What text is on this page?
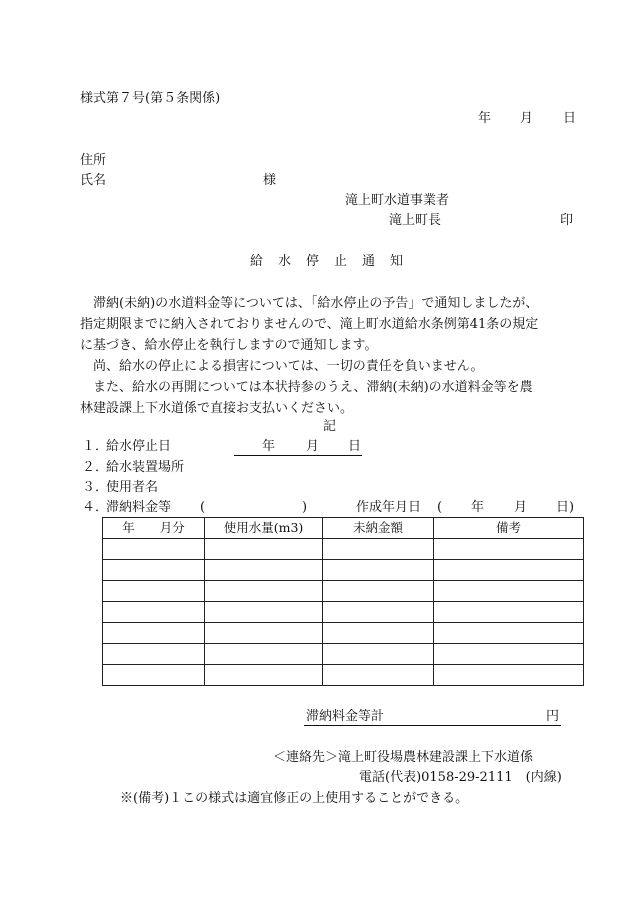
様式第７号(第５条関係)
年 月 日
住所
氏名	様
滝上町水道事業者
滝上町長	印
給水停止通知
滞納(未納)の水道料金等については、「給水停止の予告」で通知しましたが、
指定期限までに納入されておりませんので、滝上町水道給水条例第41条の規定
に基づき、給水停止を執行しますので通知します。
尚、給水の停止による損害については、一切の責任を負いません。
また、給水の再開については本状持参のうえ、滞納(未納)の水道料金等を農
林建設課上下水道係で直接お支払いください。
記
１．
給水停止日	年 月 日
２．
給水装置場所
３．
使用者名
４．
滞納料金等 (	)	作成年月日 ( 年 月 日)
年　　月分	使用水量(m3)	未納金額	備考

滞納料金等計	円
＜連絡先＞滝上町役場農林建設課上下水道係
電話(代表)0158-29-2111　(内線)
※(備考)１この様式は適宜修正の上使用することができる。
